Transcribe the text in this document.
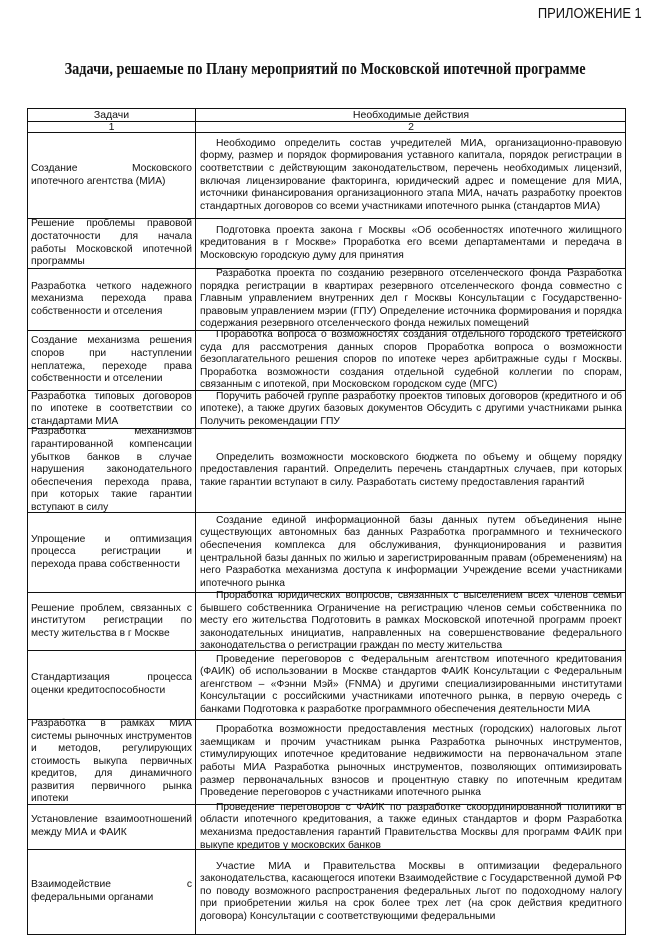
ПРИЛОЖЕНИЕ 1
Задачи, решаемые по Плану мероприятий по Московской ипотечной программе
Задачи	Необходимые действия
1	2
Создание Московского ипотечного агентства (МИА)
Необходимо определить состав учредителей МИА, организационно-правовую форму, размер и порядок формирования уставного капитала, порядок регистрации в соответствии с действующим законодательством, перечень необходимых лицензий, включая лицензирование факторинга, юридический адрес и помещение для МИА, источники финансирования организационного этапа МИА, начать разработку проектов стандартных договоров со всеми участниками ипотечного рынка (стандартов МИА)
Решение проблемы правовой достаточности для начала работы Московской ипотечной программы
Подготовка проекта закона г Москвы «Об особенностях ипотечного жилищного кредитования в г Москве» Проработка его всеми департаментами и передача в Московскую городскую думу для принятия
Разработка четкого надежного механизма перехода права собственности и отселения
Разработка проекта по созданию резервного отселенческого фонда Разработка порядка регистрации в квартирах резервного отселенческого фонда совместно с Главным управлением внутренних дел г Москвы Консультации с Государственно-правовым управлением мэрии (ГПУ) Определение источника формирования и порядка содержания резервного отселенческого фонда нежилых помещений
Создание механизма решения споров при наступлении неплатежа, переходе права собственности и отселении
Проработка вопроса о возможностях создания отдельного городского третейского суда для рассмотрения данных споров Проработка вопроса о возможности безоплагательного решения споров по ипотеке через арбитражные суды г Москвы. Проработка возможности создания отдельной судебной коллегии по спорам, связанным с ипотекой, при Московском городском суде (МГС)
Разработка типовых договоров по ипотеке в соответствии со стандартами МИА
Поручить рабочей группе разработку проектов типовых договоров (кредитного и об ипотеке), а также других базовых документов Обсудить с другими участниками рынка Получить рекомендации ГПУ
Разработка механизмов гарантированной компенсации убытков банков в случае нарушения законодательного обеспечения перехода права, при которых такие гарантии вступают в силу
Определить возможности московского бюджета по объему и общему порядку предоставления гарантий. Определить перечень стандартных случаев, при которых такие гарантии вступают в силу. Разработать систему предоставления гарантий
Упрощение и оптимизация процесса регистрации и перехода права собственности
Создание единой информационной базы данных путем объединения ныне существующих автономных баз данных Разработка программного и технического обеспечения комплекса для обслуживания, функционирования и развития центральной базы данных по жилью и зарегистрированным правам (обременениям) на него Разработка механизма доступа к информации Учреждение всеми участниками ипотечного рынка
Решение проблем, связанных с институтом регистрации по месту жительства в г Москве
Проработка юридических вопросов, связанных с выселением всех членов семьи бывшего собственника Ограничение на регистрацию членов семьи собственника по месту его жительства Подготовить в рамках Московской ипотечной программ проект законодательных инициатив, направленных на совершенствование федерального законодательства о регистрации граждан по месту жительства
Стандартизация процесса оценки кредитоспособности
Проведение переговоров с Федеральным агентством ипотечного кредитования (ФАИК) об использовании в Москве стандартов ФАИК Консультации с Федеральным агенгством – «Фэнни Мэй» (FNMA) и другими специализированными институтами Консультации с российскими участниками ипотечного рынка, в первую очередь с банками Подготовка к разработке программного обеспечения деятельности МИА
Разработка в рамках МИА системы рыночных инструментов и методов, регулирующих стоимость выкупа первичных кредитов, для динамичного развития первичного рынка ипотеки
Проработка возможности предоставления местных (городских) налоговых льгот заемщикам и прочим участникам рынка Разработка рыночных инструментов, стимулирующих ипотечное кредитование недвижимости на первоначальном этапе работы МИА Разработка рыночных инструментов, позволяющих оптимизировать размер первоначальных взносов и процентную ставку по ипотечным кредитам Проведение переговоров с участниками ипотечного рынка
Установление взаимоотношений между МИА и ФАИК
Проведение переговоров с ФАИК по разработке скоординированной политики в области ипотечного кредитования, а также единых стандартов и форм Разработка механизма предоставления гарантий Правительства Москвы для программ ФАИК при выкупе кредитов у московских банков
Взаимодействие с федеральными органами
Участие МИА и Правительства Москвы в оптимизации федерального законодательства, касающегося ипотеки Взаимодействие с Государственной думой РФ по поводу возможного распространения федеральных льгот по подоходному налогу при приобретении жилья на срок более трех лет (на срок действия кредитного договора) Консультации с соответствующими федеральными
